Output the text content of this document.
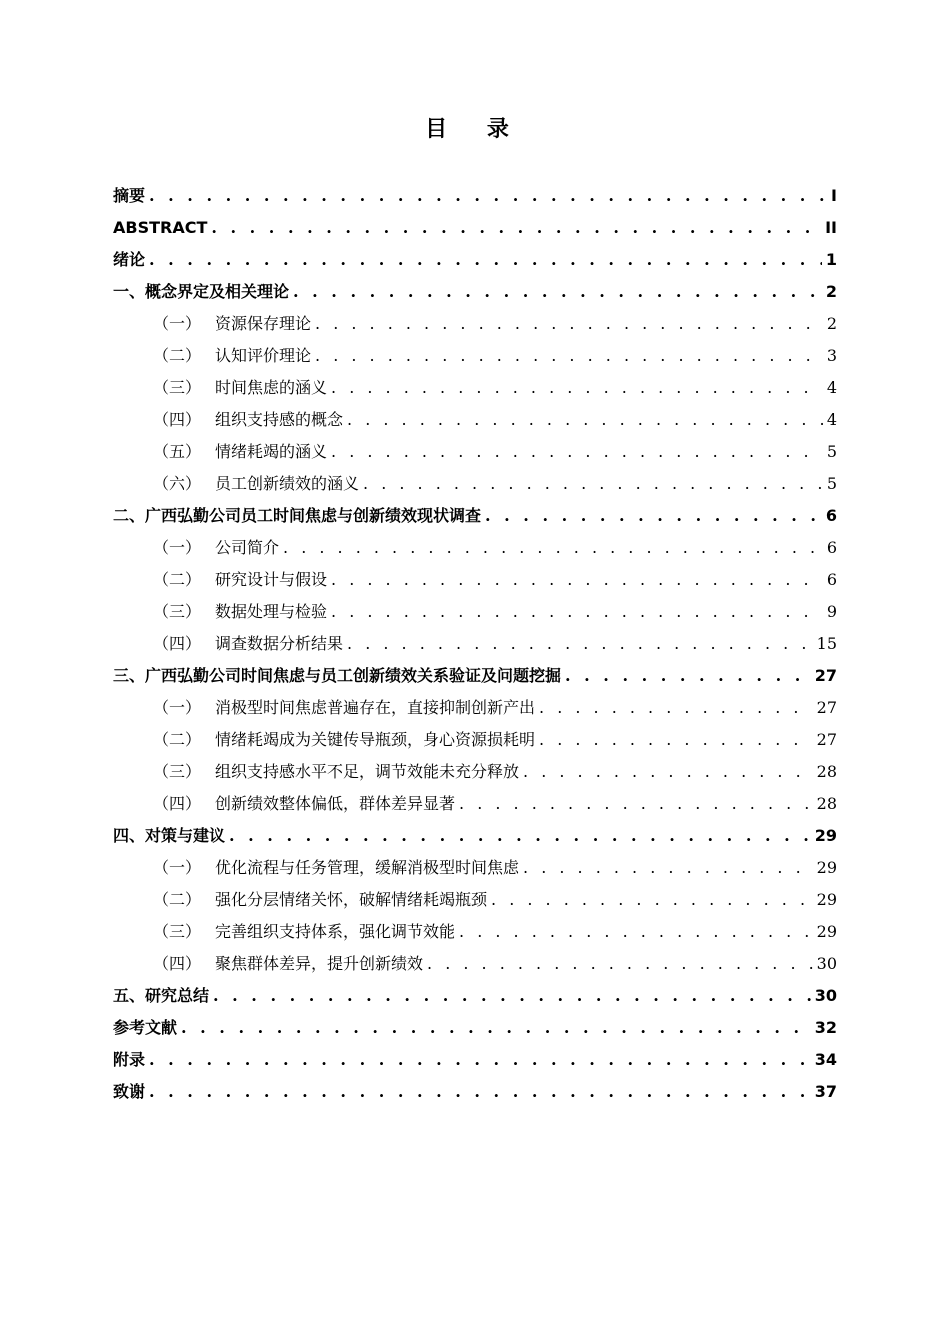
目 录
摘要 . . .	I
ABSTRACT . . .	II
绪论 . . .	1
一、概念界定及相关理论 . . .	2
（一） 资源保存理论 . . .	2
（二） 认知评价理论 . . .	3
（三） 时间焦虑的涵义 . . .	4
（四） 组织支持感的概念 . . .	4
（五） 情绪耗竭的涵义 . . .	5
（六） 员工创新绩效的涵义 . . .	5
二、广西弘勤公司员工时间焦虑与创新绩效现状调查 . . .	6
（一） 公司简介 . . .	6
（二） 研究设计与假设 . . .	6
（三） 数据处理与检验 . . .	9
（四） 调查数据分析结果 . . .	15
三、广西弘勤公司时间焦虑与员工创新绩效关系验证及问题挖掘 . . .	27
（一） 消极型时间焦虑普遍存在，直接抑制创新产出 . . .	27
（二） 情绪耗竭成为关键传导瓶颈，身心资源损耗明 . . .	27
（三） 组织支持感水平不足，调节效能未充分释放 . . .	28
（四） 创新绩效整体偏低，群体差异显著 . . .	28
四、对策与建议 . . .	29
（一） 优化流程与任务管理，缓解消极型时间焦虑 . . .	29
（二） 强化分层情绪关怀，破解情绪耗竭瓶颈 . . .	29
（三） 完善组织支持体系，强化调节效能 . . .	29
（四） 聚焦群体差异，提升创新绩效 . . .	30
五、研究总结 . . .	30
参考文献 . . .	32
附录 . . .	34
致谢 . . .	37
